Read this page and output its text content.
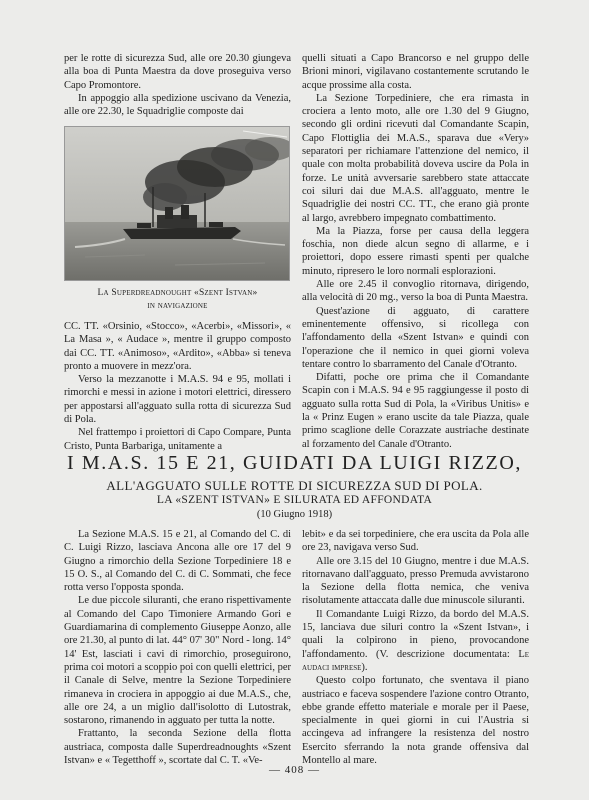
per le rotte di sicurezza Sud, alle ore 20.30 giungeva alla boa di Punta Maestra da dove proseguiva verso Capo Promontore.

In appoggio alla spedizione uscivano da Venezia, alle ore 22.30, le Squadriglie composte dai

La Superdreadnought «Szent Istvan»
in navigazione

CC. TT. «Orsinio, «Stocco», «Acerbi», «Missori», « La Masa », « Audace », mentre il gruppo composto dai CC. TT. «Animoso», «Ardito», «Abba» si teneva pronto a muovere in mezz'ora.

Verso la mezzanotte i M.A.S. 94 e 95, mollati i rimorchi e messi in azione i motori elettrici, diressero per appostarsi all'agguato sulla rotta di sicurezza Sud di Pola.

Nel frattempo i proiettori di Capo Compare, Punta Cristo, Punta Barbariga, unitamente a

quelli situati a Capo Brancorso e nel gruppo delle Brioni minori, vigilavano costantemente scrutando le acque prossime alla costa.

La Sezione Torpediniere, che era rimasta in crociera a lento moto, alle ore 1.30 del 9 Giugno, secondo gli ordini ricevuti dal Comandante Scapin, Capo Flottiglia dei M.A.S., sparava due «Very» separatori per richiamare l'attenzione del nemico, il quale con molta probabilità doveva uscire da Pola in forze. Le unità avversarie sarebbero state attaccate coi siluri dai due M.A.S. all'agguato, mentre le Squadriglie dei nostri CC. TT., che erano già pronte al largo, avrebbero impegnato combattimento.

Ma la Piazza, forse per causa della leggera foschia, non diede alcun segno di allarme, e i proiettori, dopo essere rimasti spenti per qualche minuto, ripresero le loro normali esplorazioni.

Alle ore 2.45 il convoglio ritornava, dirigendo, alla velocità di 20 mg., verso la boa di Punta Maestra.

Quest'azione di agguato, di carattere eminentemente offensivo, si ricollega con l'affondamento della «Szent Istvan» e quindi con l'operazione che il nemico in quei giorni voleva tentare contro lo sbarramento del Canale d'Otranto.

Difatti, poche ore prima che il Comandante Scapin con i M.A.S. 94 e 95 raggiungesse il posto di agguato sulla rotta Sud di Pola, la «Viribus Unitis» e la « Prinz Eugen » erano uscite da tale Piazza, quale primo scaglione delle Corazzate austriache destinate al forzamento del Canale d'Otranto.

I M.A.S. 15 E 21, GUIDATI DA LUIGI RIZZO,
ALL'AGGUATO SULLE ROTTE DI SICUREZZA SUD DI POLA.
LA «SZENT ISTVAN» E SILURATA ED AFFONDATA
(10 Giugno 1918)

La Sezione M.A.S. 15 e 21, al Comando del C. di C. Luigi Rizzo, lasciava Ancona alle ore 17 del 9 Giugno a rimorchio della Sezione Torpediniere 18 e 15 O. S., al Comando del C. di C. Sommati, che fece rotta verso l'opposta sponda.

Le due piccole siluranti, che erano rispettivamente al Comando del Capo Timoniere Armando Gori e Guardiamarina di complemento Giuseppe Aonzo, alle ore 21.30, al punto di lat. 44° 07' 30" Nord - long. 14° 14' Est, lasciati i cavi di rimorchio, proseguirono, prima coi motori a scoppio poi con quelli elettrici, per il Canale di Selve, mentre la Sezione Torpediniere rimaneva in crociera in appoggio ai due M.A.S., che, alle ore 24, a un miglio dall'isolotto di Lutostrak, sostarono, rimanendo in agguato per tutta la notte.

Frattanto, la seconda Sezione della flotta austriaca, composta dalle Superdreadnoughts «Szent Istvan» e « Tegetthoff », scortate dal C. T. «Ve-

lebit» e da sei torpediniere, che era uscita da Pola alle ore 23, navigava verso Sud.

Alle ore 3.15 del 10 Giugno, mentre i due M.A.S. ritornavano dall'agguato, presso Premuda avvistarono la Sezione della flotta nemica, che veniva risolutamente attaccata dalle due minuscole siluranti.

Il Comandante Luigi Rizzo, da bordo del M.A.S. 15, lanciava due siluri contro la «Szent Istvan», i quali la colpirono in pieno, provocandone l'affondamento. (V. descrizione documentata: Le audaci imprese).

Questo colpo fortunato, che sventava il piano austriaco e faceva sospendere l'azione contro Otranto, ebbe grande effetto materiale e morale per il Paese, specialmente in quei giorni in cui l'Austria si accingeva ad infrangere la resistenza del nostro Esercito sferrando la nota grande offensiva dal Montello al mare.

— 408 —
